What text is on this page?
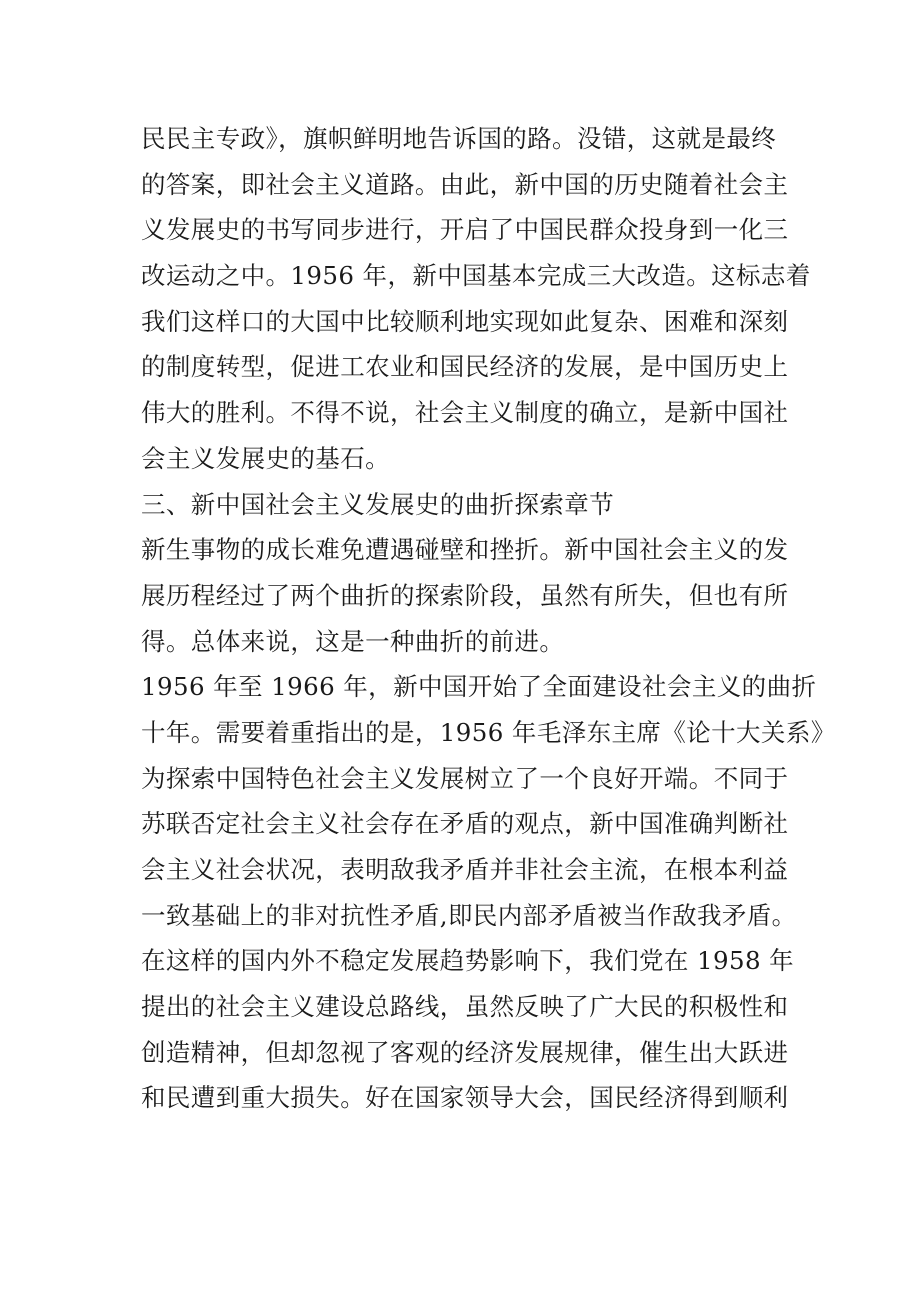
民民主专政》，旗帜鲜明地告诉国的路。没错，这就是最终
的答案，即社会主义道路。由此，新中国的历史随着社会主
义发展史的书写同步进行，开启了中国民群众投身到一化三
改运动之中。1956 年，新中国基本完成三大改造。这标志着
我们这样口的大国中比较顺利地实现如此复杂、困难和深刻
的制度转型，促进工农业和国民经济的发展，是中国历史上
伟大的胜利。不得不说，社会主义制度的确立，是新中国社
会主义发展史的基石。
三、新中国社会主义发展史的曲折探索章节
新生事物的成长难免遭遇碰壁和挫折。新中国社会主义的发
展历程经过了两个曲折的探索阶段，虽然有所失，但也有所
得。总体来说，这是一种曲折的前进。
1956 年至 1966 年，新中国开始了全面建设社会主义的曲折
十年。需要着重指出的是，1956 年毛泽东主席《论十大关系》
为探索中国特色社会主义发展树立了一个良好开端。不同于
苏联否定社会主义社会存在矛盾的观点，新中国准确判断社
会主义社会状况，表明敌我矛盾并非社会主流，在根本利益
一致基础上的非对抗性矛盾,即民内部矛盾被当作敌我矛盾。
在这样的国内外不稳定发展趋势影响下，我们党在 1958 年
提出的社会主义建设总路线，虽然反映了广大民的积极性和
创造精神，但却忽视了客观的经济发展规律，催生出大跃进
和民遭到重大损失。好在国家领导大会，国民经济得到顺利
